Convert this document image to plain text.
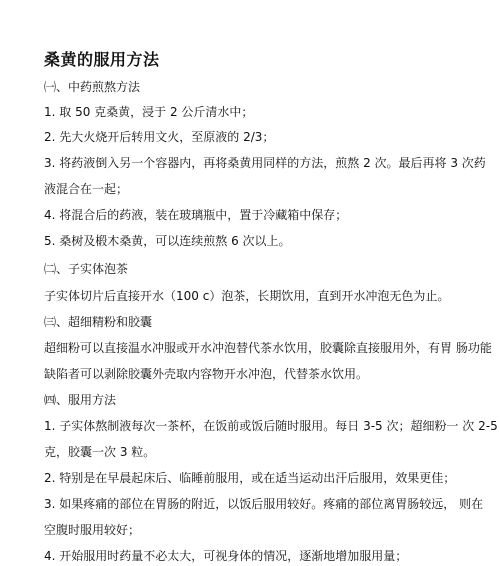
桑黄的服用方法
㈠、中药煎熬方法
1. 取 50 克桑黄，浸于 2 公斤清水中；
2. 先大火烧开后转用文火，至原液的 2/3；
3. 将药液倒入另一个容器内，再将桑黄用同样的方法，煎熬 2 次。最后再将 3 次药
液混合在一起；
4. 将混合后的药液，装在玻璃瓶中，置于冷藏箱中保存；
5. 桑树及椴木桑黄，可以连续煎熬 6 次以上。
㈡、子实体泡茶
子实体切片后直接开水（100 c）泡茶，长期饮用，直到开水冲泡无色为止。
㈢、超细精粉和胶囊
超细粉可以直接温水冲服或开水冲泡替代茶水饮用，胶囊除直接服用外，有胃 肠功能
缺陷者可以剥除胶囊外壳取内容物开水冲泡，代替茶水饮用。
㈣、服用方法
1. 子实体熬制液每次一茶杯，在饭前或饭后随时服用。每日 3-5 次；超细粉一 次 2-5
克，胶囊一次 3 粒。
2. 特别是在早晨起床后、临睡前服用，或在适当运动出汗后服用，效果更佳；
3. 如果疼痛的部位在胃肠的附近，以饭后服用较好。疼痛的部位离胃肠较远， 则在
空腹时服用较好；
4. 开始服用时药量不必太大，可视身体的情况，逐渐地增加服用量；
